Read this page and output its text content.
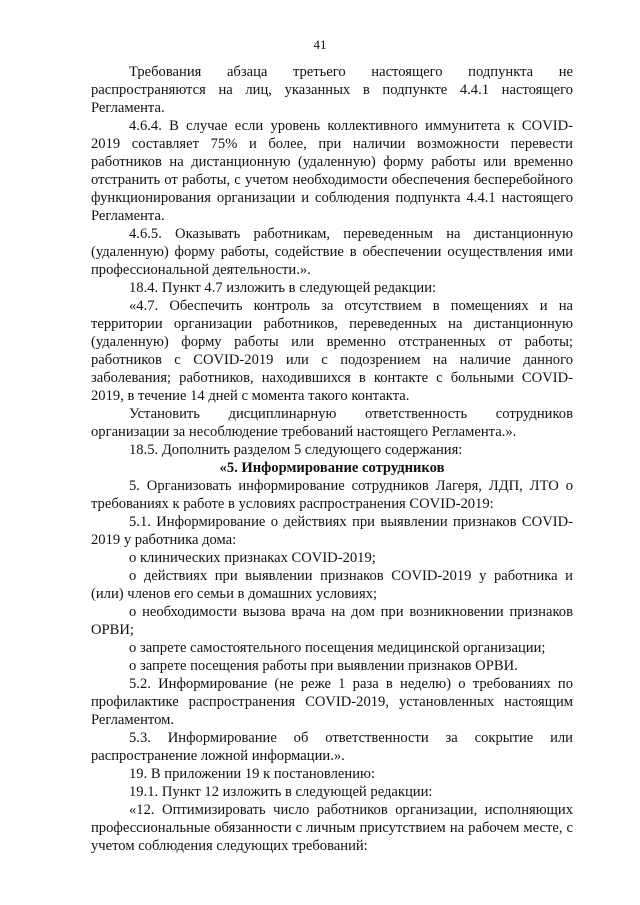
41

Требования абзаца третьего настоящего подпункта не распространяются на лиц, указанных в подпункте 4.4.1 настоящего Регламента.

4.6.4. В случае если уровень коллективного иммунитета к COVID-2019 составляет 75% и более, при наличии возможности перевести работников на дистанционную (удаленную) форму работы или временно отстранить от работы, с учетом необходимости обеспечения бесперебойного функционирования организации и соблюдения подпункта 4.4.1 настоящего Регламента.

4.6.5. Оказывать работникам, переведенным на дистанционную (удаленную) форму работы, содействие в обеспечении осуществления ими профессиональной деятельности.».

18.4. Пункт 4.7 изложить в следующей редакции:

«4.7. Обеспечить контроль за отсутствием в помещениях и на территории организации работников, переведенных на дистанционную (удаленную) форму работы или временно отстраненных от работы; работников с COVID-2019 или с подозрением на наличие данного заболевания; работников, находившихся в контакте с больными COVID-2019, в течение 14 дней с момента такого контакта.

Установить дисциплинарную ответственность сотрудников организации за несоблюдение требований настоящего Регламента.».

18.5. Дополнить разделом 5 следующего содержания:

«5. Информирование сотрудников

5. Организовать информирование сотрудников Лагеря, ЛДП, ЛТО о требованиях к работе в условиях распространения COVID-2019:

5.1. Информирование о действиях при выявлении признаков COVID-2019 у работника дома:

о клинических признаках COVID-2019;

о действиях при выявлении признаков COVID-2019 у работника и (или) членов его семьи в домашних условиях;

о необходимости вызова врача на дом при возникновении признаков ОРВИ;

о запрете самостоятельного посещения медицинской организации;

о запрете посещения работы при выявлении признаков ОРВИ.

5.2. Информирование (не реже 1 раза в неделю) о требованиях по профилактике распространения COVID-2019, установленных настоящим Регламентом.

5.3. Информирование об ответственности за сокрытие или распространение ложной информации.».

19. В приложении 19 к постановлению:

19.1. Пункт 12 изложить в следующей редакции:

«12. Оптимизировать число работников организации, исполняющих профессиональные обязанности с личным присутствием на рабочем месте, с учетом соблюдения следующих требований:
